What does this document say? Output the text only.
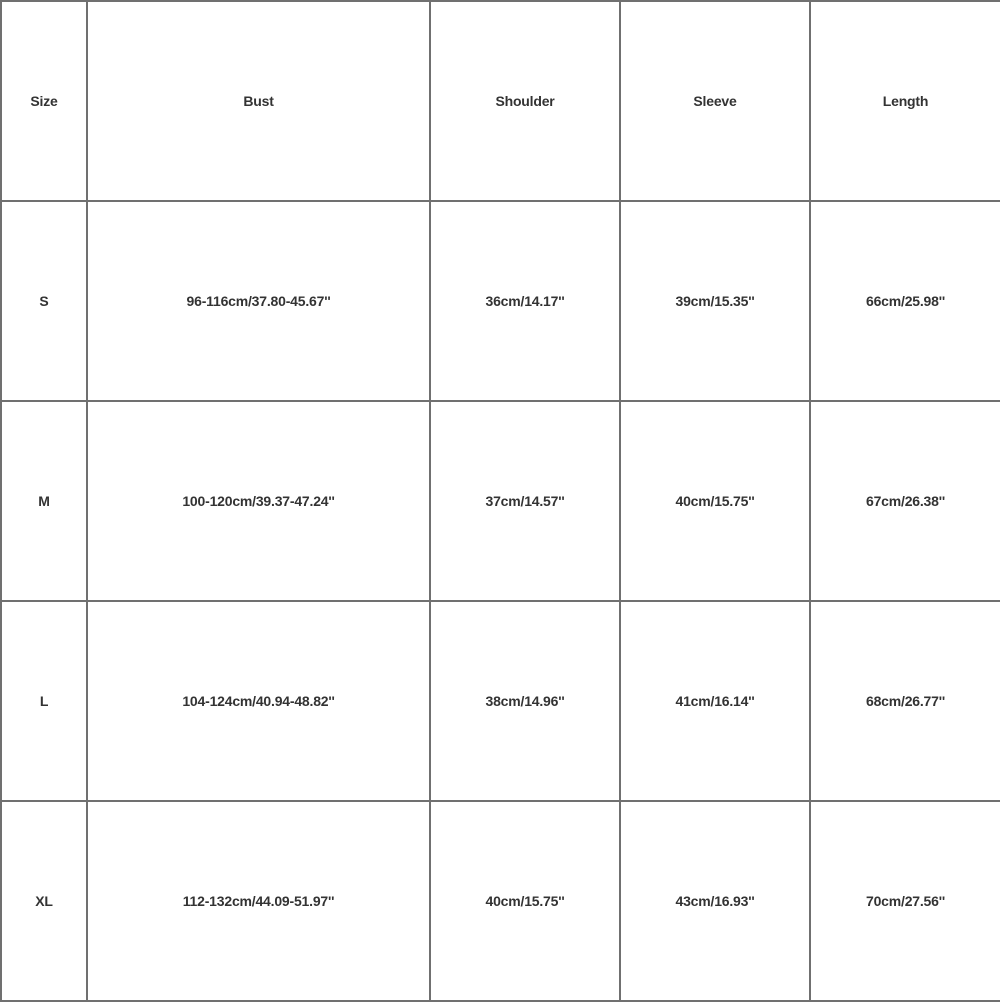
Size	Bust	Shoulder	Sleeve	Length
S	96-116cm/37.80-45.67''	36cm/14.17''	39cm/15.35''	66cm/25.98''
M	100-120cm/39.37-47.24''	37cm/14.57''	40cm/15.75''	67cm/26.38''
L	104-124cm/40.94-48.82''	38cm/14.96''	41cm/16.14''	68cm/26.77''
XL	112-132cm/44.09-51.97''	40cm/15.75''	43cm/16.93''	70cm/27.56''
